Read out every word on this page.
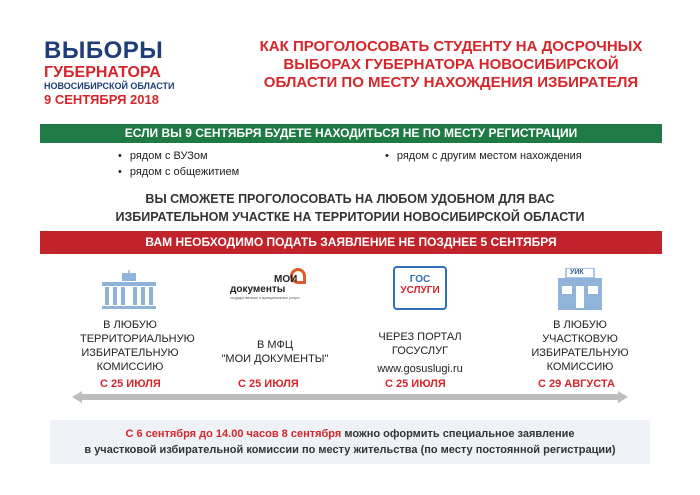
ВЫБОРЫ
ГУБЕРНАТОРА
НОВОСИБИРСКОЙ ОБЛАСТИ
9 СЕНТЯБРЯ 2018
КАК ПРОГОЛОСОВАТЬ СТУДЕНТУ НА ДОСРОЧНЫХ
ВЫБОРАХ ГУБЕРНАТОРА НОВОСИБИРСКОЙ
ОБЛАСТИ ПО МЕСТУ НАХОЖДЕНИЯ ИЗБИРАТЕЛЯ
ЕСЛИ ВЫ 9 СЕНТЯБРЯ БУДЕТЕ НАХОДИТЬСЯ НЕ ПО МЕСТУ РЕГИСТРАЦИИ
• рядом с ВУЗом
• рядом с общежитием
• рядом с другим местом нахождения
ВЫ СМОЖЕТЕ ПРОГОЛОСОВАТЬ НА ЛЮБОМ УДОБНОМ ДЛЯ ВАС
ИЗБИРАТЕЛЬНОМ УЧАСТКЕ НА ТЕРРИТОРИИ НОВОСИБИРСКОЙ ОБЛАСТИ
ВАМ НЕОБХОДИМО ПОДАТЬ ЗАЯВЛЕНИЕ НЕ ПОЗДНЕЕ 5 СЕНТЯБРЯ
В ЛЮБУЮ
ТЕРРИТОРИАЛЬНУЮ
ИЗБИРАТЕЛЬНУЮ
КОМИССИЮ
С 25 ИЮЛЯ
МОИ
документы
государственные и муниципальные услуги
В МФЦ
"МОИ ДОКУМЕНТЫ"
С 25 ИЮЛЯ
ГОС
УСЛУГИ
ЧЕРЕЗ ПОРТАЛ
ГОСУСЛУГ
www.gosuslugi.ru
С 25 ИЮЛЯ
УИК
В ЛЮБУЮ
УЧАСТКОВУЮ
ИЗБИРАТЕЛЬНУЮ
КОМИССИЮ
С 29 АВГУСТА
С 6 сентября до 14.00 часов 8 сентября можно оформить специальное заявление
в участковой избирательной комиссии по месту жительства (по месту постоянной регистрации)
